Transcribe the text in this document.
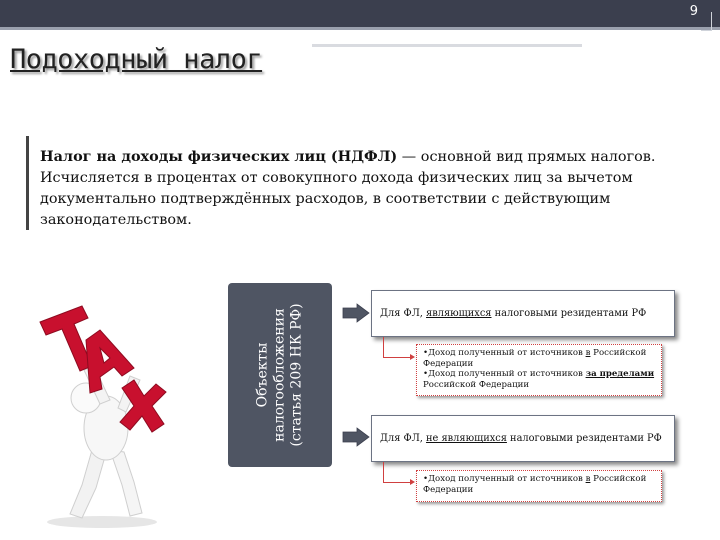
9
Подоходный налог
Налог на доходы физических лиц (НДФЛ) — основной вид прямых налогов. Исчисляется в процентах от совокупного дохода физических лиц за вычетом документально подтверждённых расходов, в соответствии с действующим законодательством.
Объекты налогообложения (статья 209 НК РФ)	Для ФЛ, являющихся налоговыми резидентами РФ
•Доход полученный от источников в Российской Федерации
•Доход полученный от источников за пределами Российской Федерации
Для ФЛ, не являющихся налоговыми резидентами РФ
•Доход полученный от источников в Российской Федерации
